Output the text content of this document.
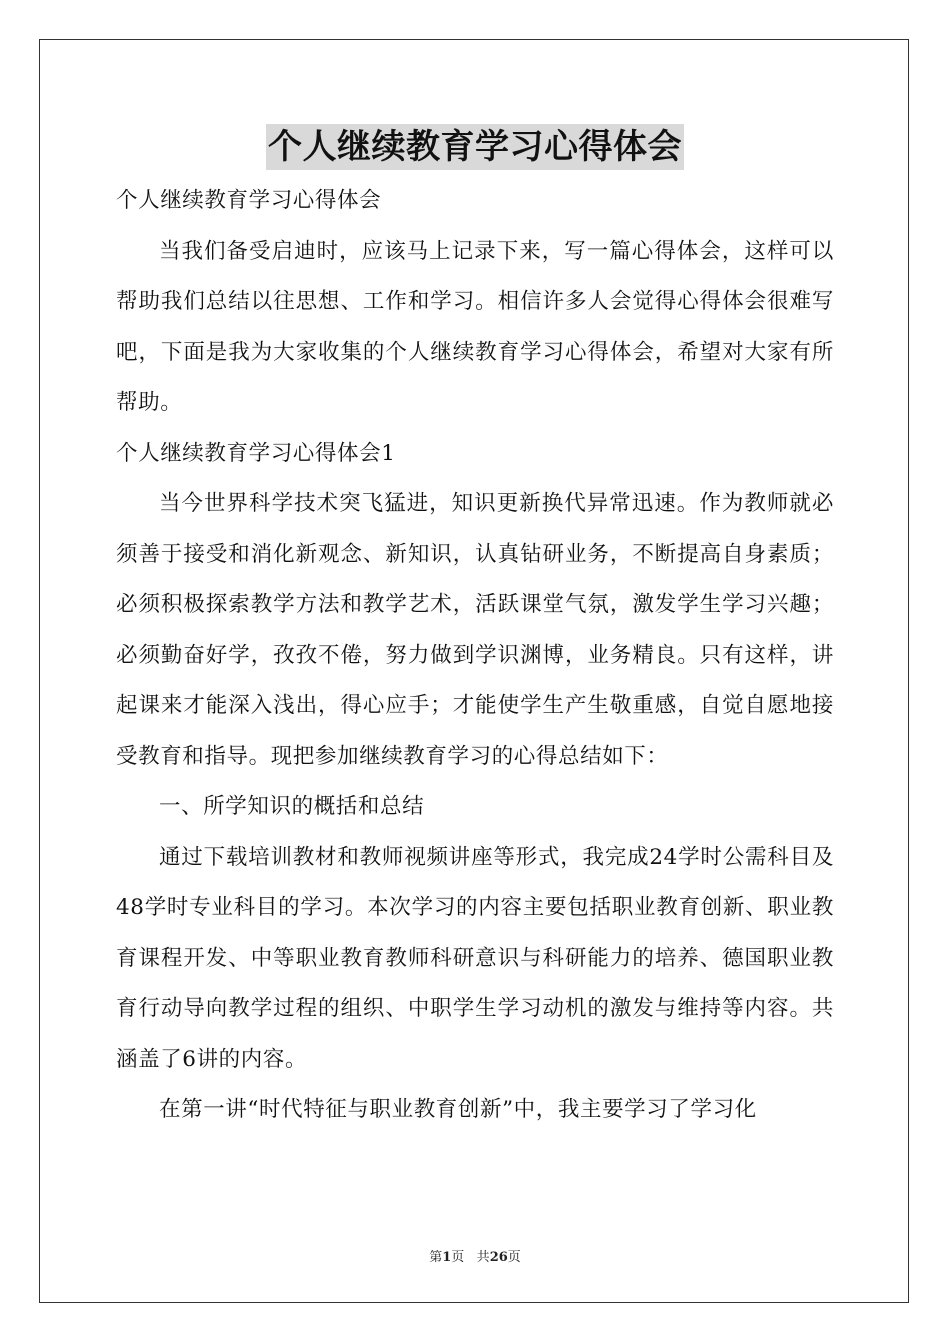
个人继续教育学习心得体会

个人继续教育学习心得体会

当我们备受启迪时，应该马上记录下来，写一篇心得体会，这样可以帮助我们总结以往思想、工作和学习。相信许多人会觉得心得体会很难写吧，下面是我为大家收集的个人继续教育学习心得体会，希望对大家有所帮助。

个人继续教育学习心得体会1

当今世界科学技术突飞猛进，知识更新换代异常迅速。作为教师就必须善于接受和消化新观念、新知识，认真钻研业务，不断提高自身素质；必须积极探索教学方法和教学艺术，活跃课堂气氛，激发学生学习兴趣；必须勤奋好学，孜孜不倦，努力做到学识渊博，业务精良。只有这样，讲起课来才能深入浅出，得心应手；才能使学生产生敬重感，自觉自愿地接受教育和指导。现把参加继续教育学习的心得总结如下：

一、所学知识的概括和总结

通过下载培训教材和教师视频讲座等形式，我完成24学时公需科目及48学时专业科目的学习。本次学习的内容主要包括职业教育创新、职业教育课程开发、中等职业教育教师科研意识与科研能力的培养、德国职业教育行动导向教学过程的组织、中职学生学习动机的激发与维持等内容。共涵盖了6讲的内容。

在第一讲“时代特征与职业教育创新”中，我主要学习了学习化

第1页 共26页
